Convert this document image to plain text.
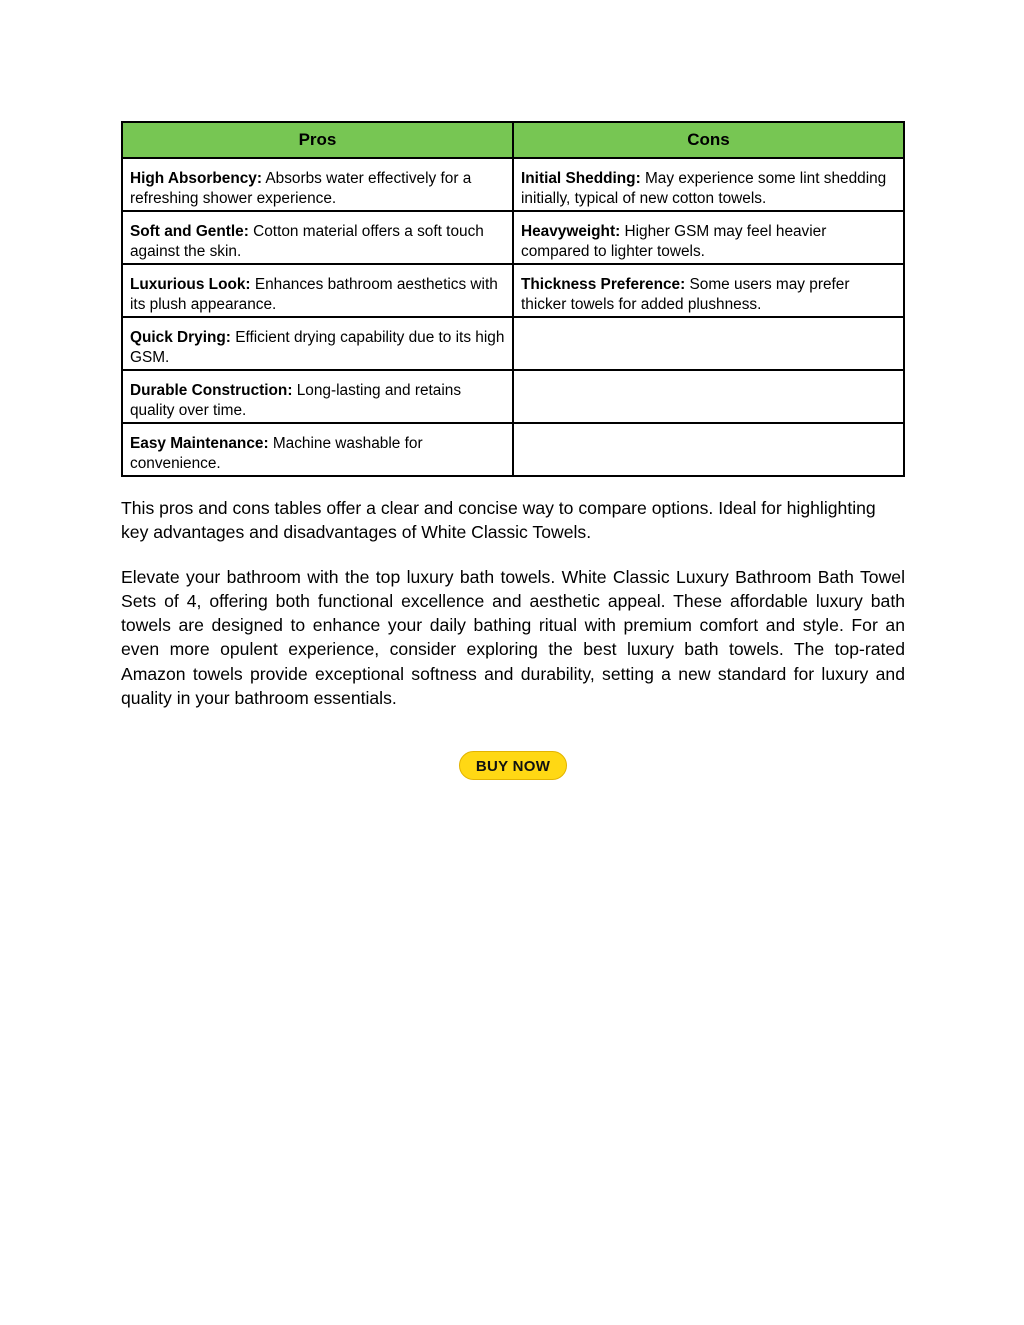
Pros	Cons
High Absorbency: Absorbs water effectively for a refreshing shower experience.	Initial Shedding: May experience some lint shedding initially, typical of new cotton towels.
Soft and Gentle: Cotton material offers a soft touch against the skin.	Heavyweight: Higher GSM may feel heavier compared to lighter towels.
Luxurious Look: Enhances bathroom aesthetics with its plush appearance.	Thickness Preference: Some users may prefer thicker towels for added plushness.
Quick Drying: Efficient drying capability due to its high GSM.	
Durable Construction: Long-lasting and retains quality over time.	
Easy Maintenance: Machine washable for convenience.	

This pros and cons tables offer a clear and concise way to compare options. Ideal for highlighting key advantages and disadvantages of White Classic Towels.

Elevate your bathroom with the top luxury bath towels. White Classic Luxury Bathroom Bath Towel Sets of 4, offering both functional excellence and aesthetic appeal. These affordable luxury bath towels are designed to enhance your daily bathing ritual with premium comfort and style. For an even more opulent experience, consider exploring the best luxury bath towels. The top-rated Amazon towels provide exceptional softness and durability, setting a new standard for luxury and quality in your bathroom essentials.

BUY NOW
